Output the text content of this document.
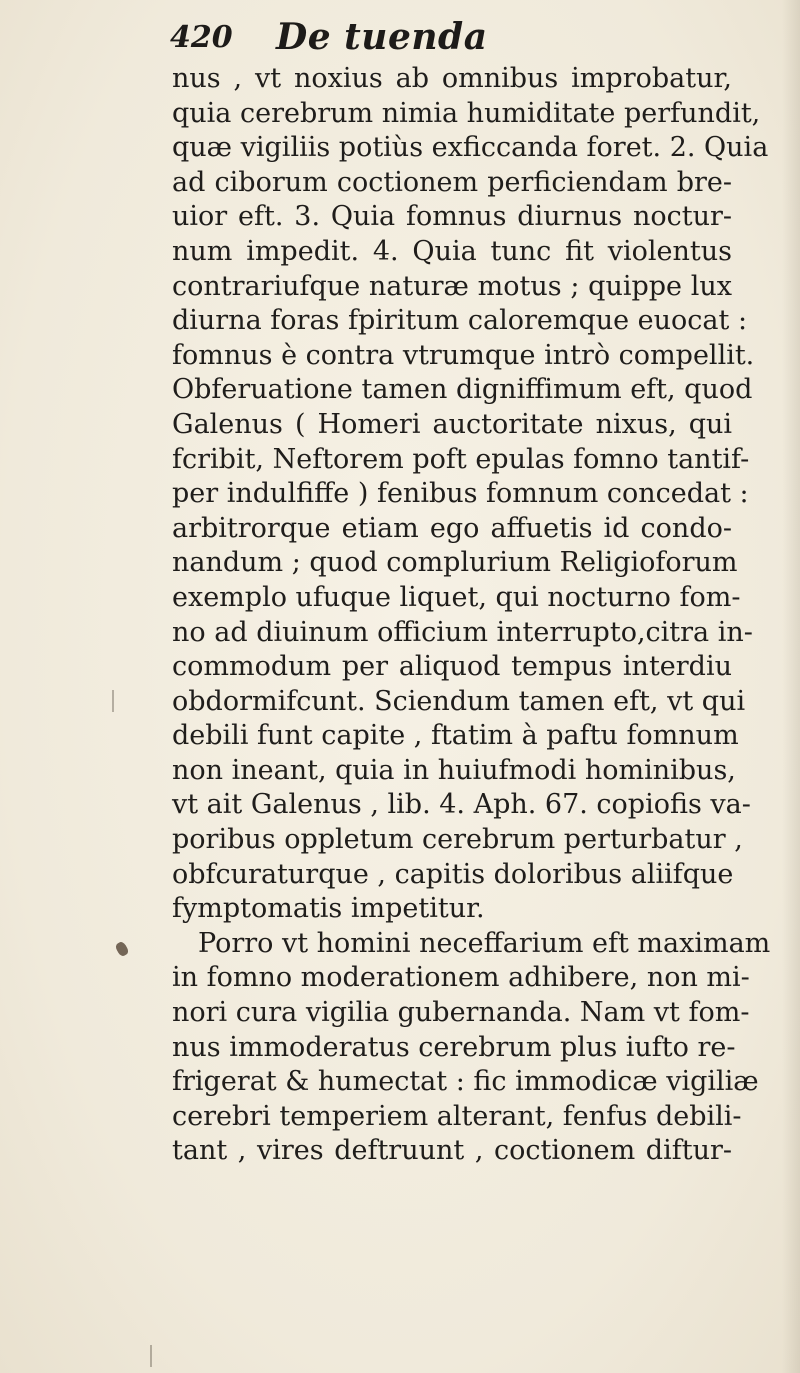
420 De tuenda
nus , vt noxius ab omnibus improbatur,
quia cerebrum nimia humiditate perfundit,
quæ vigiliis potiùs exficcanda foret. 2. Quia
ad ciborum coctionem perficiendam bre-
uior eft. 3. Quia fomnus diurnus noctur-
num impedit. 4. Quia tunc fit violentus
contrariufque naturæ motus ; quippe lux
diurna foras fpiritum caloremque euocat :
fomnus è contra vtrumque intrò compellit.
Obferuatione tamen digniffimum eft, quod
Galenus ( Homeri auctoritate nixus, qui
fcribit, Neftorem poft epulas fomno tantif-
per indulfiffe ) fenibus fomnum concedat :
arbitrorque etiam ego affuetis id condo-
nandum ; quod complurium Religioforum
exemplo ufuque liquet, qui nocturno fom-
no ad diuinum officium interrupto,citra in-
commodum per aliquod tempus interdiu
obdormifcunt. Sciendum tamen eft, vt qui
debili funt capite , ftatim à paftu fomnum
non ineant, quia in huiufmodi hominibus,
vt ait Galenus , lib. 4. Aph. 67. copiofis va-
poribus oppletum cerebrum perturbatur ,
obfcuraturque , capitis doloribus aliifque
fymptomatis impetitur.
Porro vt homini neceffarium eft maximam
in fomno moderationem adhibere, non mi-
nori cura vigilia gubernanda. Nam vt fom-
nus immoderatus cerebrum plus iufto re-
frigerat & humectat : fic immodicæ vigiliæ
cerebri temperiem alterant, fenfus debili-
tant , vires deftruunt , coctionem diftur-
